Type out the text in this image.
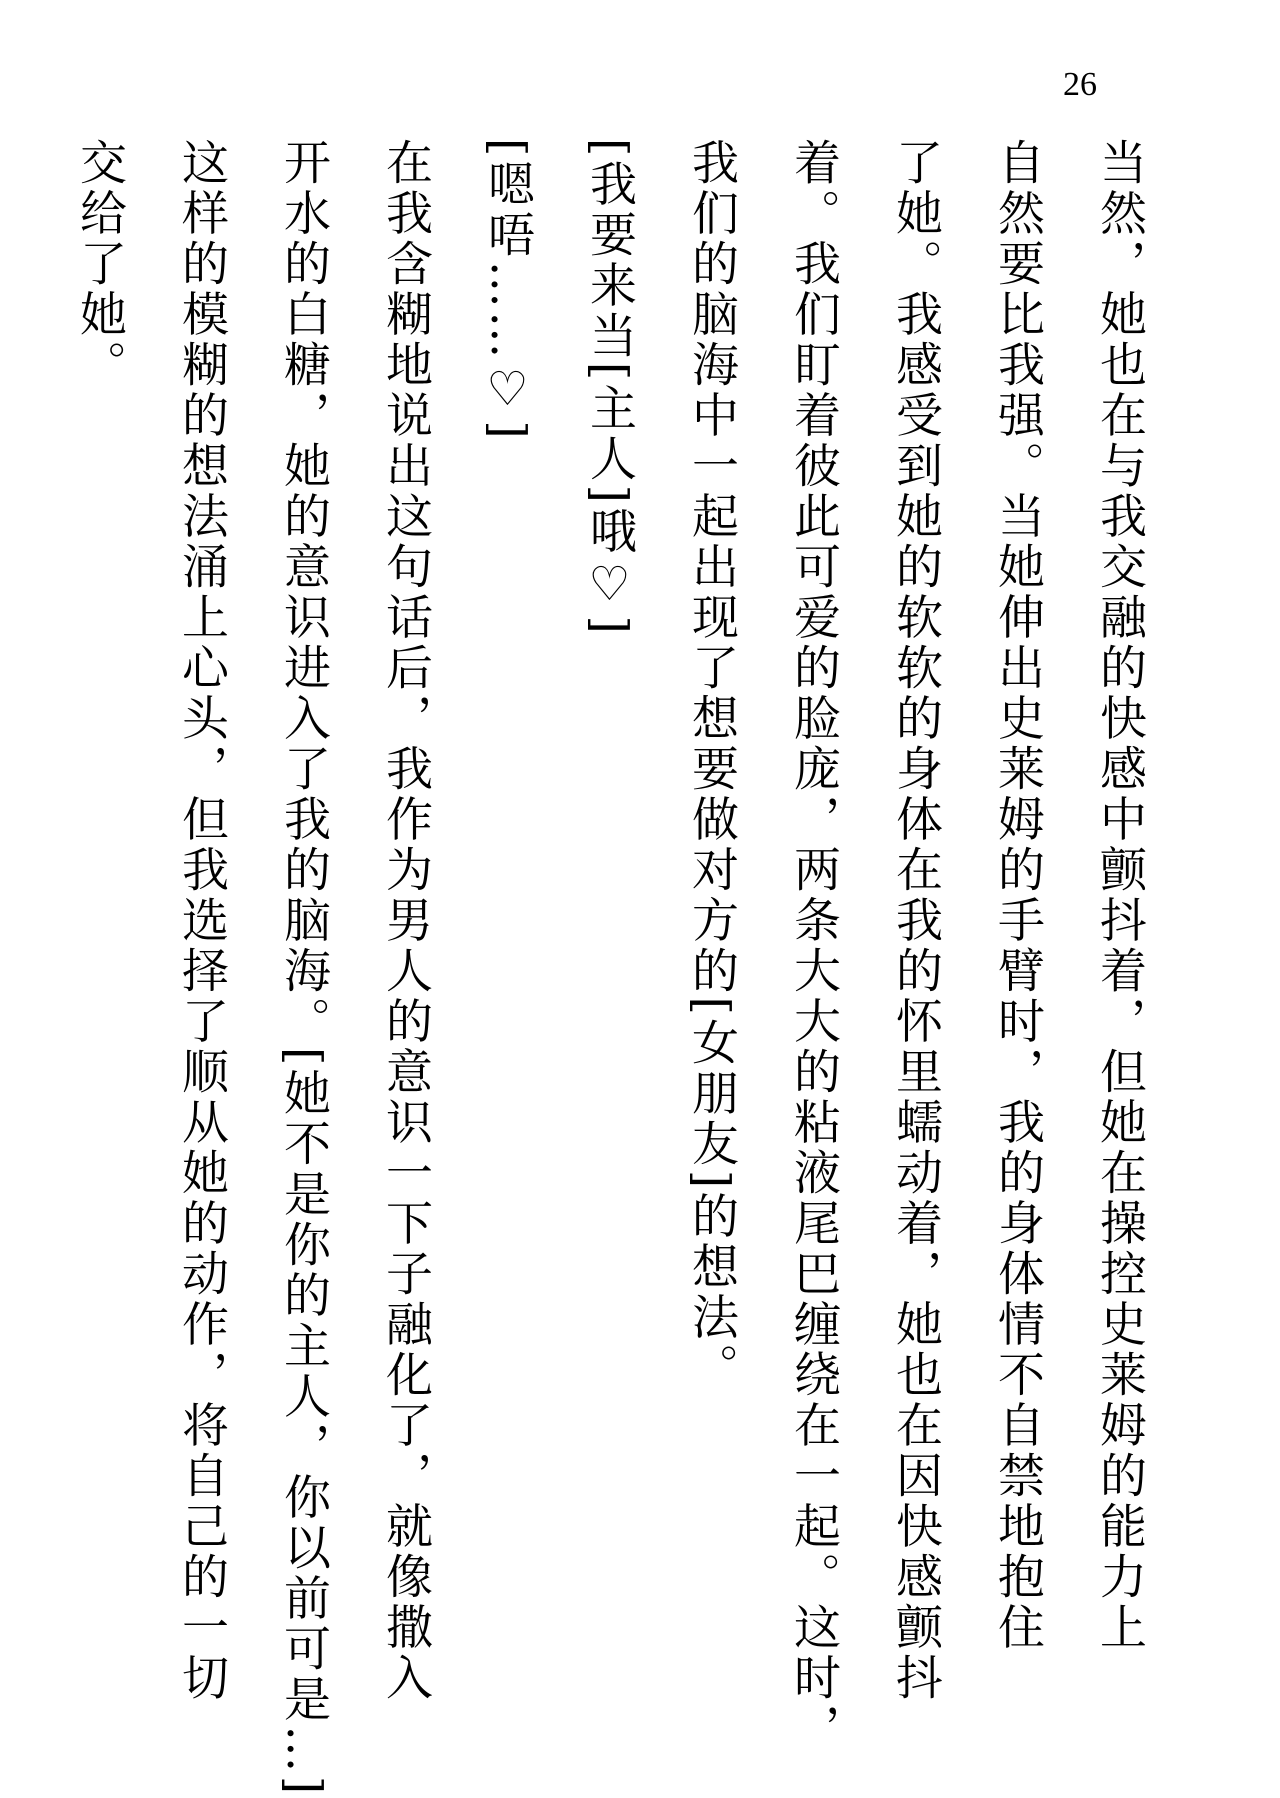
26
当然，她也在与我交融的快感中颤抖着，但她在操控史莱姆的能力上
自然要比我强。当她伸出史莱姆的手臂时，我的身体情不自禁地抱住
了她。我感受到她的软软的身体在我的怀里蠕动着，她也在因快感颤抖
着。我们盯着彼此可爱的脸庞，两条大大的粘液尾巴缠绕在一起。这时，
我们的脑海中一起出现了想要做对方的[女朋友]的想法。
[我要来当[主人]哦♡]
[嗯唔……♡]
在我含糊地说出这句话后，我作为男人的意识一下子融化了，就像撒入
开水的白糖，她的意识进入了我的脑海。[她不是你的主人，你以前可是…]
这样的模糊的想法涌上心头，但我选择了顺从她的动作，将自己的一切
交给了她。
